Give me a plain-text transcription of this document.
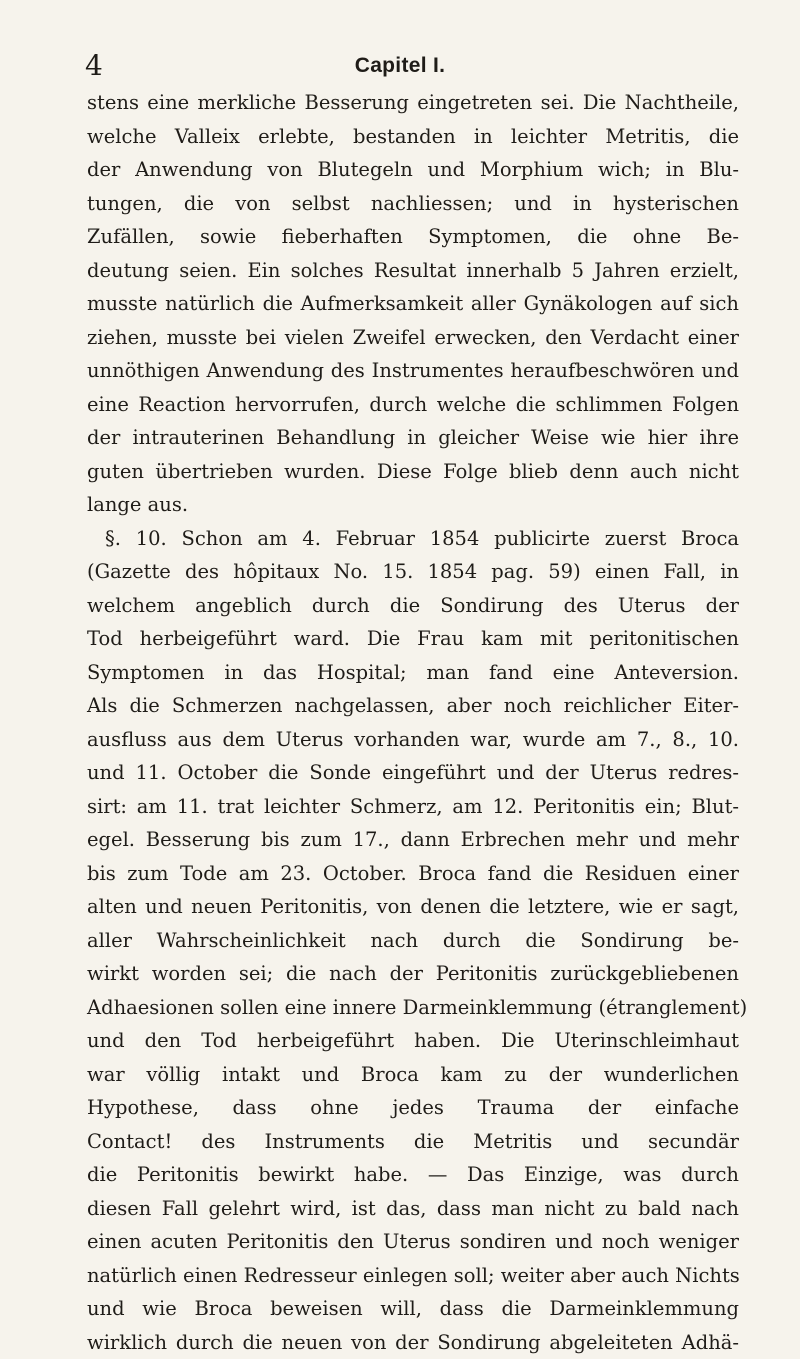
4	Capitel I.
stens eine merkliche Besserung eingetreten sei. Die Nachtheile,
welche Valleix erlebte, bestanden in leichter Metritis, die
der Anwendung von Blutegeln und Morphium wich; in Blu-
tungen, die von selbst nachliessen; und in hysterischen
Zufällen, sowie fieberhaften Symptomen, die ohne Be-
deutung seien. Ein solches Resultat innerhalb 5 Jahren erzielt,
musste natürlich die Aufmerksamkeit aller Gynäkologen auf sich
ziehen, musste bei vielen Zweifel erwecken, den Verdacht einer
unnöthigen Anwendung des Instrumentes heraufbeschwören und
eine Reaction hervorrufen, durch welche die schlimmen Folgen
der intrauterinen Behandlung in gleicher Weise wie hier ihre
guten übertrieben wurden. Diese Folge blieb denn auch nicht
lange aus.
§. 10. Schon am 4. Februar 1854 publicirte zuerst Broca
(Gazette des hôpitaux No. 15. 1854 pag. 59) einen Fall, in
welchem angeblich durch die Sondirung des Uterus der
Tod herbeigeführt ward. Die Frau kam mit peritonitischen
Symptomen in das Hospital; man fand eine Anteversion.
Als die Schmerzen nachgelassen, aber noch reichlicher Eiter-
ausfluss aus dem Uterus vorhanden war, wurde am 7., 8., 10.
und 11. October die Sonde eingeführt und der Uterus redres-
sirt: am 11. trat leichter Schmerz, am 12. Peritonitis ein; Blut-
egel. Besserung bis zum 17., dann Erbrechen mehr und mehr
bis zum Tode am 23. October. Broca fand die Residuen einer
alten und neuen Peritonitis, von denen die letztere, wie er sagt,
aller Wahrscheinlichkeit nach durch die Sondirung be-
wirkt worden sei; die nach der Peritonitis zurückgebliebenen
Adhaesionen sollen eine innere Darmeinklemmung (étranglement)
und den Tod herbeigeführt haben. Die Uterinschleimhaut
war völlig intakt und Broca kam zu der wunderlichen
Hypothese, dass ohne jedes Trauma der einfache
Contact! des Instruments die Metritis und secundär
die Peritonitis bewirkt habe. — Das Einzige, was durch
diesen Fall gelehrt wird, ist das, dass man nicht zu bald nach
einen acuten Peritonitis den Uterus sondiren und noch weniger
natürlich einen Redresseur einlegen soll; weiter aber auch Nichts
und wie Broca beweisen will, dass die Darmeinklemmung
wirklich durch die neuen von der Sondirung abgeleiteten Adhä-
